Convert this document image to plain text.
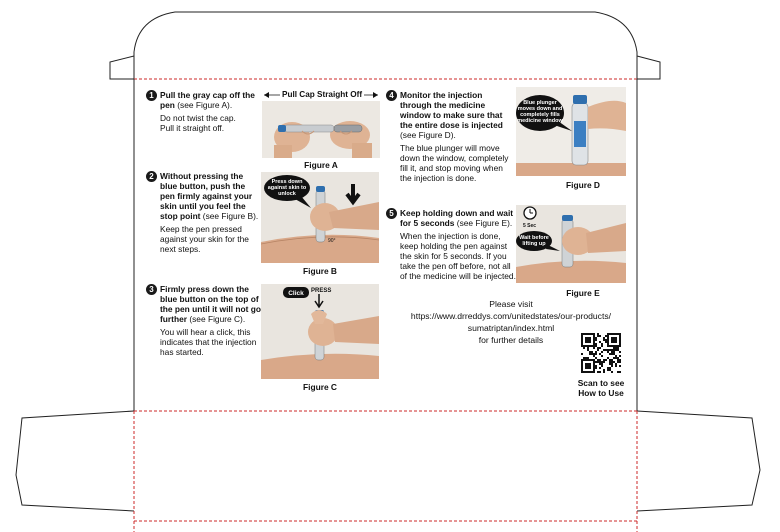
1 Pull the gray cap off the pen (see Figure A).

Do not twist the cap.

Pull it straight off.

Pull Cap Straight Off
Figure A
2 Without pressing the blue button, push the pen firmly against your skin until you feel the stop point (see Figure B).

Keep the pen pressed against your skin for the next steps.

Press down
against skin to
unlock
90°
Figure B
3 Firmly press down the blue button on the top of the pen until it will not go further (see Figure C).

You will hear a click, this indicates that the injection has started.

Click PRESS
Figure C
4 Monitor the injection through the medicine window to make sure that the entire dose is injected (see Figure D).

The blue plunger will move down the window, completely fill it, and stop moving when the injection is done.

Blue plunger
moves down and
completely fills
medicine window
Figure D
5 Keep holding down and wait for 5 seconds (see Figure E).

When the injection is done, keep holding the pen against the skin for 5 seconds. If you take the pen off before, not all of the medicine will be injected.

5 Sec
Wait before
lifting up
Figure E
Please visit
https://www.drreddys.com/unitedstates/our-products/
sumatriptan/index.html
for further details
Scan to see
How to Use
